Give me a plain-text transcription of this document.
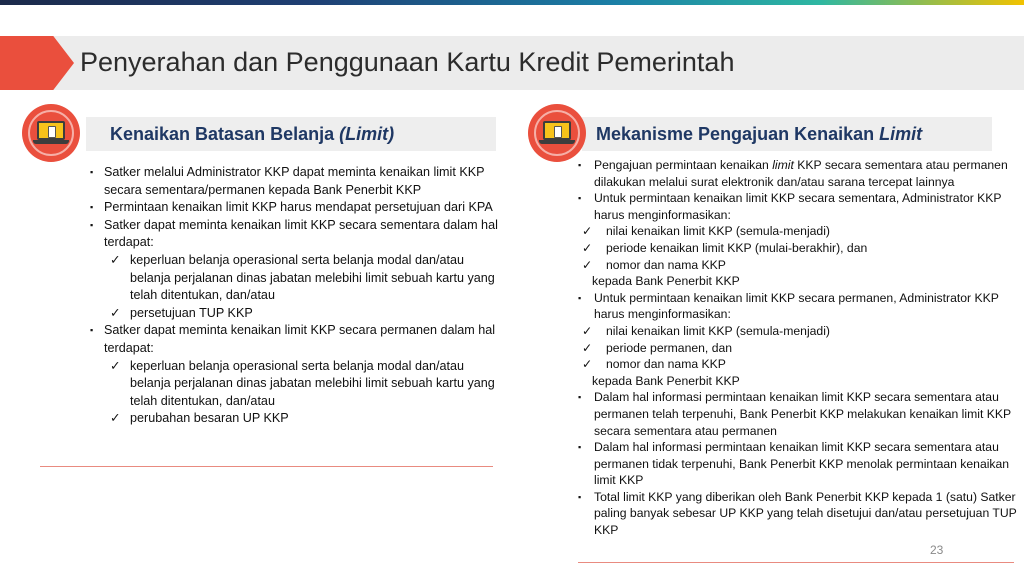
Penyerahan dan Penggunaan Kartu Kredit Pemerintah
Kenaikan Batasan Belanja (Limit)
▪ Satker melalui Administrator KKP dapat meminta kenaikan limit KKP secara sementara/permanen kepada Bank Penerbit KKP
▪ Permintaan kenaikan limit KKP harus mendapat persetujuan dari KPA
▪ Satker dapat meminta kenaikan limit KKP secara sementara dalam hal terdapat:
✓ keperluan belanja operasional serta belanja modal dan/atau belanja perjalanan dinas jabatan melebihi limit sebuah kartu yang telah ditentukan, dan/atau
✓ persetujuan TUP KKP
▪ Satker dapat meminta kenaikan limit KKP secara permanen dalam hal terdapat:
✓ keperluan belanja operasional serta belanja modal dan/atau belanja perjalanan dinas jabatan melebihi limit sebuah kartu yang telah ditentukan, dan/atau
✓ perubahan besaran UP KKP
Mekanisme Pengajuan Kenaikan Limit
▪ Pengajuan permintaan kenaikan limit KKP secara sementara atau permanen dilakukan melalui surat elektronik dan/atau sarana tercepat lainnya
▪ Untuk permintaan kenaikan limit KKP secara sementara, Administrator KKP harus menginformasikan:
✓ nilai kenaikan limit KKP (semula-menjadi)
✓ periode kenaikan limit KKP (mulai-berakhir), dan
✓ nomor dan nama KKP
kepada Bank Penerbit KKP
▪ Untuk permintaan kenaikan limit KKP secara permanen, Administrator KKP harus menginformasikan:
✓ nilai kenaikan limit KKP (semula-menjadi)
✓ periode permanen, dan
✓ nomor dan nama KKP
kepada Bank Penerbit KKP
▪ Dalam hal informasi permintaan kenaikan limit KKP secara sementara atau permanen telah terpenuhi, Bank Penerbit KKP melakukan kenaikan limit KKP secara sementara atau permanen
▪ Dalam hal informasi permintaan kenaikan limit KKP secara sementara atau permanen tidak terpenuhi, Bank Penerbit KKP menolak permintaan kenaikan limit KKP
▪ Total limit KKP yang diberikan oleh Bank Penerbit KKP kepada 1 (satu) Satker paling banyak sebesar UP KKP yang telah disetujui dan/atau persetujuan TUP KKP
23
